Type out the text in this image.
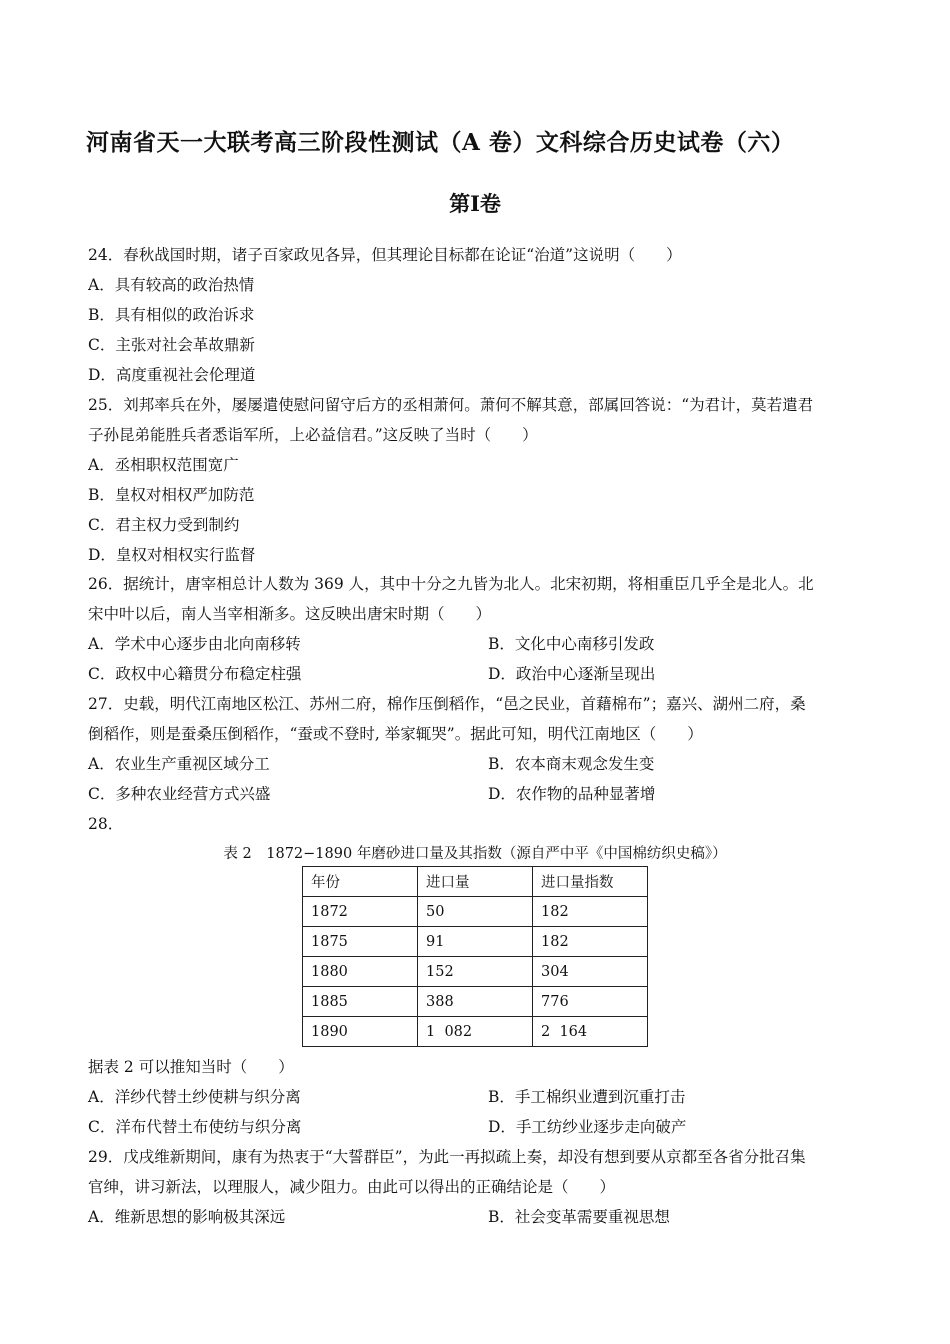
河南省天一大联考高三阶段性测试（A 卷）文科综合历史试卷（六）
第Ⅰ卷
24．春秋战国时期，诸子百家政见各异，但其理论目标都在论证“治道”这说明（　　）
A．具有较高的政治热情
B．具有相似的政治诉求
C．主张对社会革故鼎新
D．高度重视社会伦理道
25．刘邦率兵在外，屡屡遣使慰问留守后方的丞相萧何。萧何不解其意，部属回答说：“为君计，莫若遣君
子孙昆弟能胜兵者悉诣军所，上必益信君。”这反映了当时（　　）
A．丞相职权范围宽广
B．皇权对相权严加防范
C．君主权力受到制约
D．皇权对相权实行监督
26．据统计，唐宰相总计人数为 369 人，其中十分之九皆为北人。北宋初期，将相重臣几乎全是北人。北
宋中叶以后，南人当宰相渐多。这反映出唐宋时期（　　）
A．学术中心逐步由北向南移转	B．文化中心南移引发政
C．政权中心籍贯分布稳定柱强	D．政治中心逐渐呈现出
27．史载，明代江南地区松江、苏州二府，棉作压倒稻作，“邑之民业，首藉棉布”；嘉兴、湖州二府，桑
倒稻作，则是蚕桑压倒稻作，“蚕或不登时, 举家辄哭”。据此可知，明代江南地区（　　）
A．农业生产重视区域分工	B．农本商末观念发生变
C．多种农业经营方式兴盛	D．农作物的品种显著增
28．
表 2　1872−1890 年磨砂进口量及其指数（源自严中平《中国棉纺织史稿》）
年份	进口量	进口量指数
1872	50	182
1875	91	182
1880	152	304
1885	388	776
1890	1  082	2  164
据表 2 可以推知当时（　　）
A．洋纱代替土纱使耕与织分离	B．手工棉织业遭到沉重打击
C．洋布代替土布使纺与织分离	D．手工纺纱业逐步走向破产
29．戊戌维新期间，康有为热衷于“大誓群臣”，为此一再拟疏上奏，却没有想到要从京都至各省分批召集
官绅，讲习新法，以理服人，减少阻力。由此可以得出的正确结论是（　　）
A．维新思想的影响极其深远	B．社会变革需要重视思想
